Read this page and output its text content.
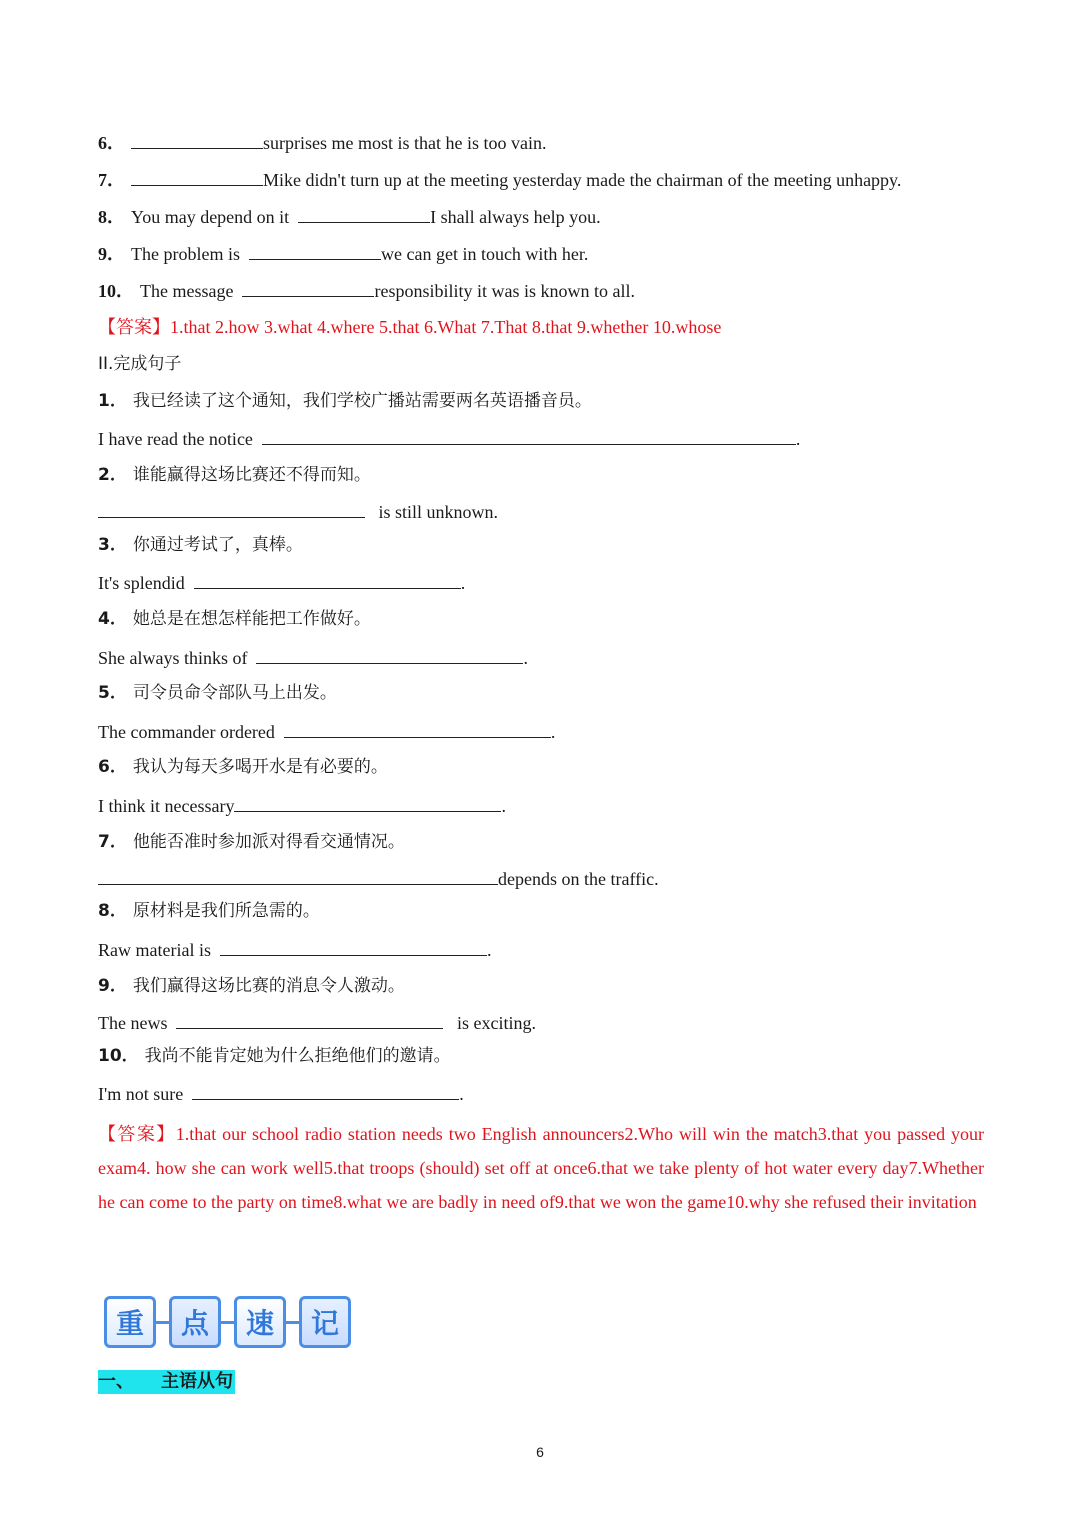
6．	surprises me most is that he is too vain.
7．	Mike didn't turn up at the meeting yesterday made the chairman of the meeting unhappy.
8． You may depend on it	I shall always help you.
9． The problem is	we can get in touch with her.
10． The message	responsibility it was is known to all.
【答案】1.that 2.how 3.what 4.where 5.that 6.What 7.That 8.that 9.whether 10.whose
II.完成句子
1． 我已经读了这个通知，我们学校广播站需要两名英语播音员。
I have read the notice	.
2． 谁能赢得这场比赛还不得而知。
is still unknown.
3． 你通过考试了，真棒。
It's splendid	.
4． 她总是在想怎样能把工作做好。
She always thinks of	.
5． 司令员命令部队马上出发。
The commander ordered	.
6． 我认为每天多喝开水是有必要的。
I think it necessary	.
7． 他能否准时参加派对得看交通情况。
depends on the traffic.
8． 原材料是我们所急需的。
Raw material is	.
9． 我们赢得这场比赛的消息令人激动。
The news	is exciting.
10． 我尚不能肯定她为什么拒绝他们的邀请。
I'm not sure	.
【答案】1.that our school radio station needs two English announcers2.Who will win the match3.that you passed your exam4. how she can work well5.that troops (should) set off at once6.that we take plenty of hot water every day7.Whether he can come to the party on time8.what we are badly in need of9.that we won the game10.why she refused their invitation
重	点	速	记
一、　　主语从句
6
